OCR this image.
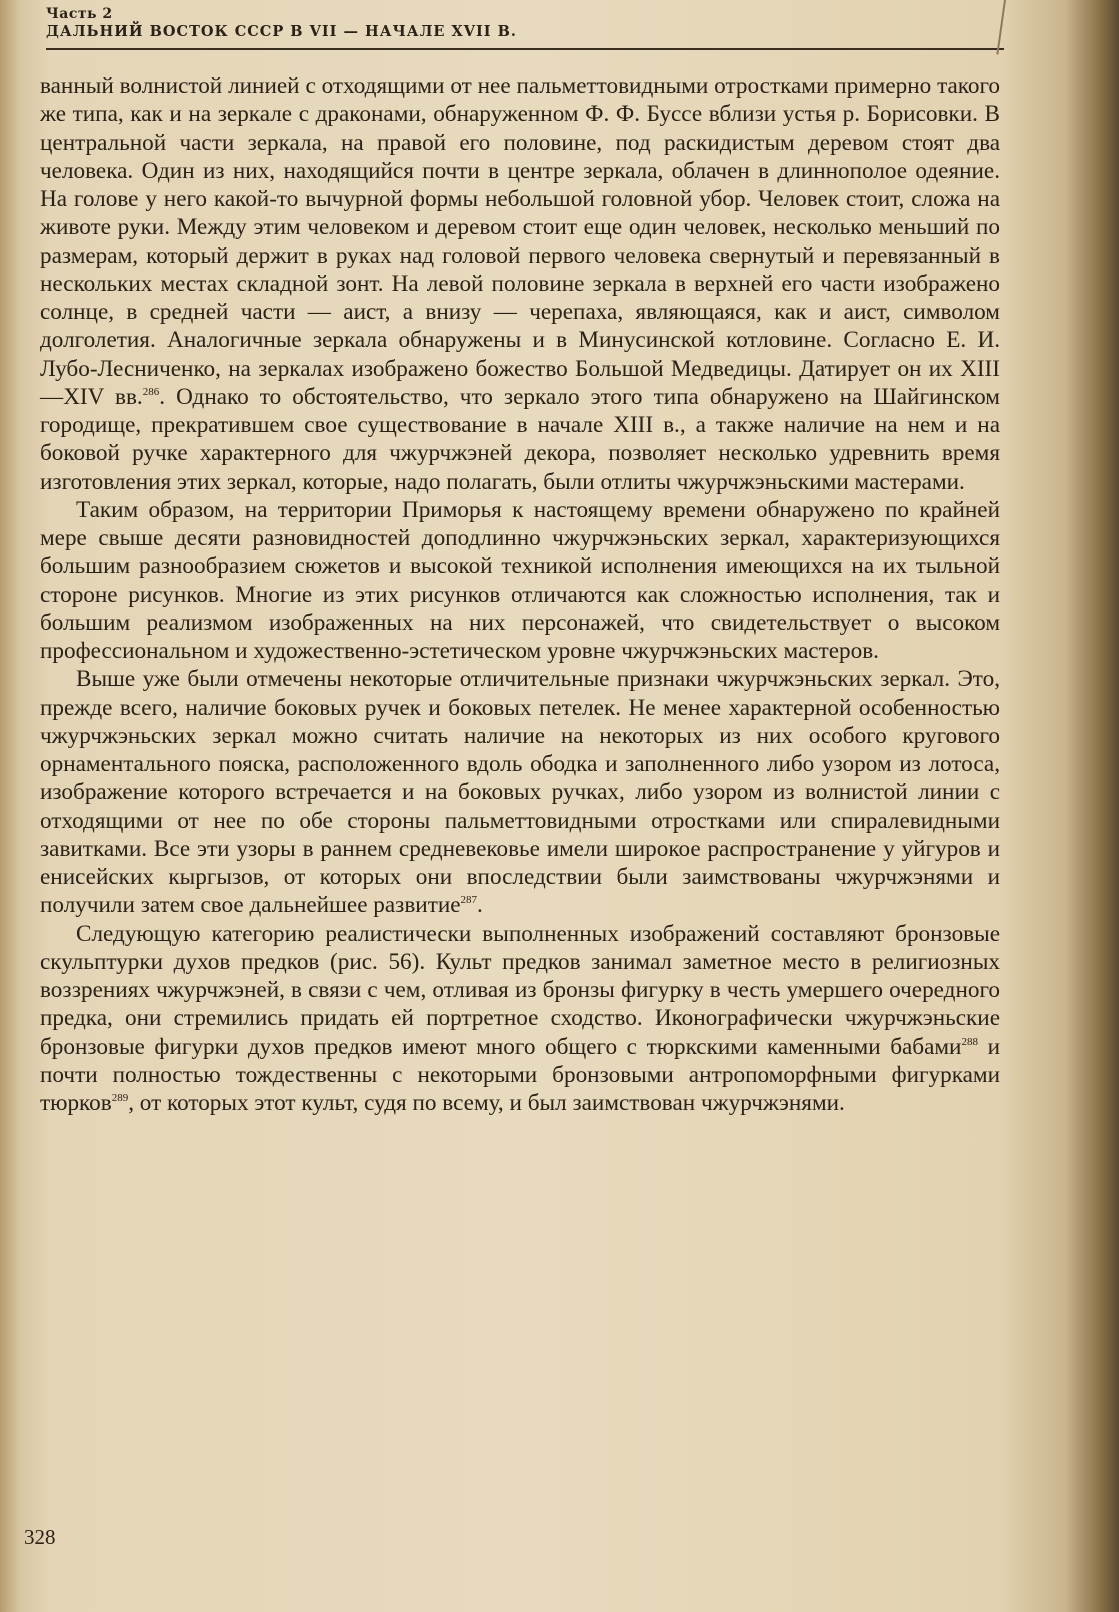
Часть 2
ДАЛЬНИЙ ВОСТОК СССР В VII — НАЧАЛЕ XVII В.

ванный волнистой линией с отходящими от нее пальметтовидными отростками примерно такого же типа, как и на зеркале с драконами, обнаруженном Ф. Ф. Буссе вблизи устья р. Борисовки. В центральной части зеркала, на правой его половине, под раскидистым деревом стоят два человека. Один из них, находящийся почти в центре зеркала, облачен в длиннополое одеяние. На голове у него какой-то вычурной формы небольшой головной убор. Человек стоит, сложа на животе руки. Между этим человеком и деревом стоит еще один человек, несколько меньший по размерам, который держит в руках над головой первого человека свернутый и перевязанный в нескольких местах складной зонт. На левой половине зеркала в верхней его части изображено солнце, в средней части — аист, а внизу — черепаха, являющаяся, как и аист, символом долголетия. Аналогичные зеркала обнаружены и в Минусинской котловине. Согласно Е. И. Лубо-Лесниченко, на зеркалах изображено божество Большой Медведицы. Датирует он их XIII—XIV вв.$^{286}$. Однако то обстоятельство, что зеркало этого типа обнаружено на Шайгинском городище, прекратившем свое существование в начале XIII в., а также наличие на нем и на боковой ручке характерного для чжурчжэней декора, позволяет несколько удревнить время изготовления этих зеркал, которые, надо полагать, были отлиты чжурчжэньскими мастерами.

Таким образом, на территории Приморья к настоящему времени обнаружено по крайней мере свыше десяти разновидностей доподлинно чжурчжэньских зеркал, характеризующихся большим разнообразием сюжетов и высокой техникой исполнения имеющихся на их тыльной стороне рисунков. Многие из этих рисунков отличаются как сложностью исполнения, так и большим реализмом изображенных на них персонажей, что свидетельствует о высоком профессиональном и художественно-эстетическом уровне чжурчжэньских мастеров.

Выше уже были отмечены некоторые отличительные признаки чжурчжэньских зеркал. Это, прежде всего, наличие боковых ручек и боковых петелек. Не менее характерной особенностью чжурчжэньских зеркал можно считать наличие на некоторых из них особого кругового орнаментального пояска, расположенного вдоль ободка и заполненного либо узором из лотоса, изображение которого встречается и на боковых ручках, либо узором из волнистой линии с отходящими от нее по обе стороны пальметтовидными отростками или спиралевидными завитками. Все эти узоры в раннем средневековье имели широкое распространение у уйгуров и енисейских кыргызов, от которых они впоследствии были заимствованы чжурчжэнями и получили затем свое дальнейшее развитие$^{287}$.

Следующую категорию реалистически выполненных изображений составляют бронзовые скульптурки духов предков (рис. 56). Культ предков занимал заметное место в религиозных воззрениях чжурчжэней, в связи с чем, отливая из бронзы фигурку в честь умершего очередного предка, они стремились придать ей портретное сходство. Иконографически чжурчжэньские бронзовые фигурки духов предков имеют много общего с тюркскими каменными бабами$^{288}$ и почти полностью тождественны с некоторыми бронзовыми антропоморфными фигурками тюрков$^{289}$, от которых этот культ, судя по всему, и был заимствован чжурчжэнями.

328
